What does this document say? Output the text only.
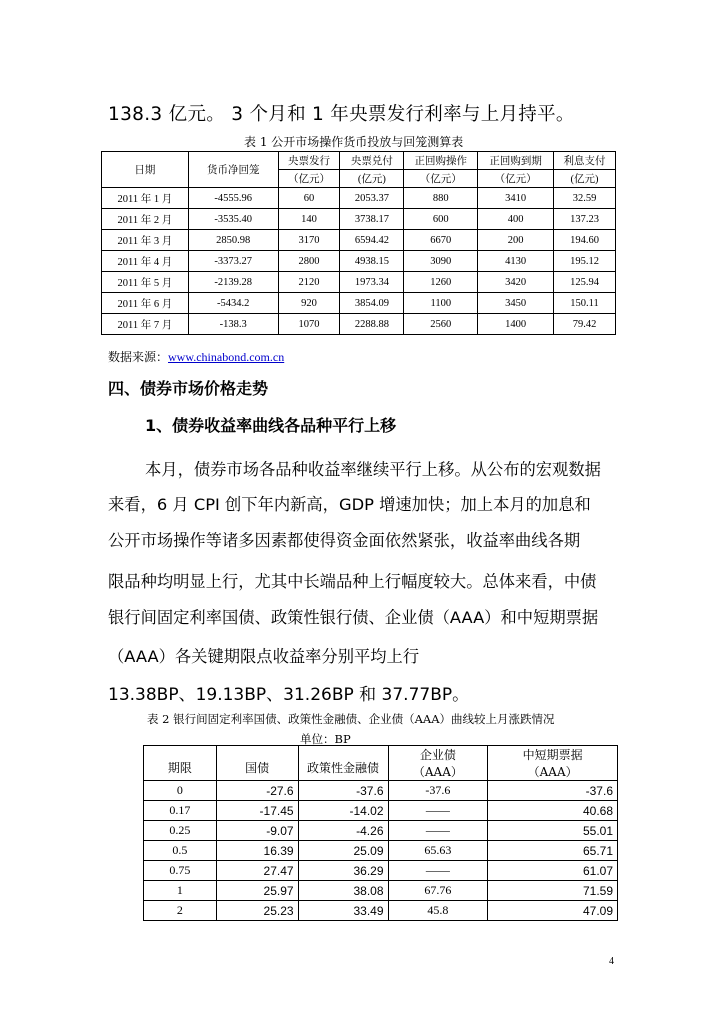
138.3 亿元。 3 个月和 1 年央票发行利率与上月持平。
表 1 公开市场操作货币投放与回笼测算表
日期	货币净回笼	央票发行	央票兑付	正回购操作	正回购到期	利息支付
		（亿元）	(亿元)	（亿元）	（亿元）	(亿元)
2011 年 1 月	-4555.96	60	2053.37	880	3410	32.59
2011 年 2 月	-3535.40	140	3738.17	600	400	137.23
2011 年 3 月	2850.98	3170	6594.42	6670	200	194.60
2011 年 4 月	-3373.27	2800	4938.15	3090	4130	195.12
2011 年 5 月	-2139.28	2120	1973.34	1260	3420	125.94
2011 年 6 月	-5434.2	920	3854.09	1100	3450	150.11
2011 年 7 月	-138.3	1070	2288.88	2560	1400	79.42
数据来源：www.chinabond.com.cn
四、债券市场价格走势
1、债券收益率曲线各品种平行上移
本月，债券市场各品种收益率继续平行上移。从公布的宏观数据
来看，6 月 CPI 创下年内新高，GDP 增速加快；加上本月的加息和
公开市场操作等诸多因素都使得资金面依然紧张，收益率曲线各期
限品种均明显上行，尤其中长端品种上行幅度较大。总体来看，中债
银行间固定利率国债、政策性银行债、企业债（AAA）和中短期票据
（AAA）各关键期限点收益率分别平均上行
13.38BP、19.13BP、31.26BP 和 37.77BP。
表 2 银行间固定利率国债、政策性金融债、企业债（AAA）曲线较上月涨跌情况
单位：BP
期限	国债	政策性金融债	企业债	中短期票据
			（AAA）	（AAA）
0	-27.6	-37.6	-37.6	-37.6
0.17	-17.45	-14.02	——	40.68
0.25	-9.07	-4.26	——	55.01
0.5	16.39	25.09	65.63	65.71
0.75	27.47	36.29	——	61.07
1	25.97	38.08	67.76	71.59
2	25.23	33.49	45.8	47.09
4
